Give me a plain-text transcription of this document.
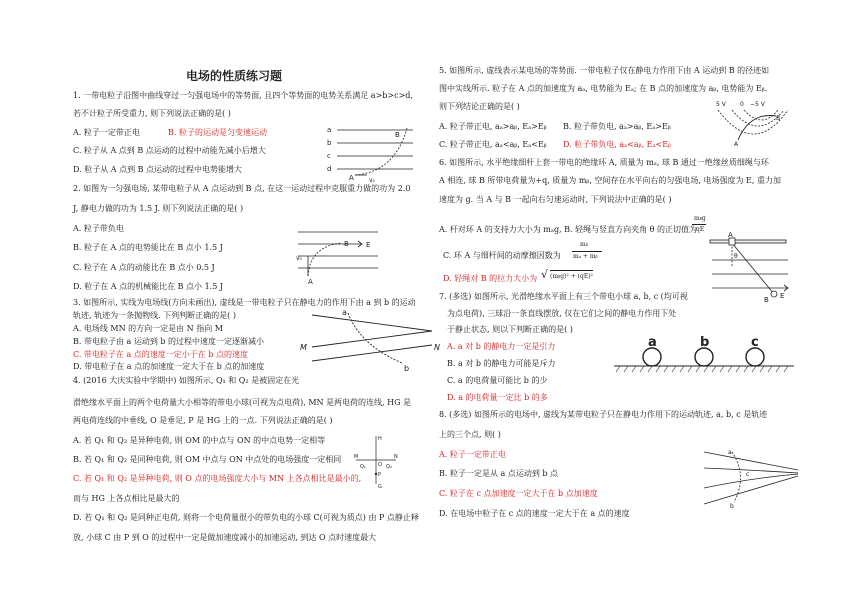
电场的性质练习题
1. 一带电粒子沿图中曲线穿过一匀强电场中的等势面, 且四个等势面的电势关系满足 a>b>c>d,
若不计粒子所受重力, 则下列说法正确的是( )
A. 粒子一定带正电	B. 粒子的运动是匀变速运动
C. 粒子从 A 点到 B 点运动的过程中动能先减小后增大
D. 粒子从 A 点到 B 点运动的过程中电势能增大
2. 如图为一匀强电场, 某带电粒子从 A 点运动到 B 点, 在这一运动过程中克服重力做的功为 2.0
J, 静电力做的功为 1.5 J. 则下列说法正确的是( )
A. 粒子带负电
B. 粒子在 A 点的电势能比在 B 点小 1.5 J
C. 粒子在 A 点的动能比在 B 点小 0.5 J
D. 粒子在 A 点的机械能比在 B 点小 1.5 J
3. 如图所示, 实线为电场线(方向未画出), 虚线是一带电粒子只在静电力的作用下由 a 到 b 的运动
轨迹, 轨迹为一条抛物线. 下列判断正确的是( )
A. 电场线 MN 的方向一定是由 N 指向 M
B. 带电粒子由 a 运动到 b 的过程中速度一定逐渐减小
C. 带电粒子在 a 点的速度一定小于在 b 点的速度
D. 带电粒子在 a 点的加速度一定大于在 b 点的加速度
4. (2016 大庆实验中学期中) 如图所示, Q₁ 和 Q₂ 是被固定在光
滑绝缘水平面上的两个电荷量大小相等的带电小球(可视为点电荷), MN 是两电荷的连线, HG 是
两电荷连线的中垂线, O 是垂足, P 是 HG 上的一点. 下列说法正确的是( )
A. 若 Q₁ 和 Q₂ 是异种电荷, 则 OM 的中点与 ON 的中点电势一定相等
B. 若 Q₁ 和 Q₂ 是同种电荷, 则 OM 中点与 ON 中点处的电场强度一定相同
C. 若 Q₁ 和 Q₂ 是异种电荷, 则 O 点的电场强度大小与 MN 上各点相比是最小的,
而与 HG 上各点相比是最大的
D. 若 Q₁ 和 Q₂ 是同种正电荷, 则将一个电荷量很小的带负电的小球 C(可视为质点) 由 P 点静止释
放, 小球 C 由 P 到 O 的过程中一定是做加速度减小的加速运动, 到达 O 点时速度最大
5. 如图所示, 虚线表示某电场的等势面. 一带电粒子仅在静电力作用下由 A 运动到 B 的径迹如
图中实线所示. 粒子在 A 点的加速度为 aₐ, 电势能为 Eₐ; 在 B 点的加速度为 aᵦ, 电势能为 Eᵦ.
则下列结论正确的是( )
A. 粒子带正电, aₐ>aᵦ, Eₐ>Eᵦ B. 粒子带负电, aₐ>aᵦ, Eₐ>Eᵦ
C. 粒子带正电, aₐ<aᵦ, Eₐ<Eᵦ D. 粒子带负电, aₐ<aᵦ, Eₐ<Eᵦ
6. 如图所示, 水平绝缘细杆上套一带电的绝缘环 A, 质量为 mₐ, 球 B 通过一绝缘丝质细绳与环
A 相连, 球 B 所带电荷量为+q, 质量为 mᵦ, 空间存在水平向右的匀强电场, 电场强度为 E, 重力加
速度为 g. 当 A 与 B 一起向右匀速运动时, 下列说法中正确的是( )
A. 杆对环 A 的支持力大小为 mₐg, B. 轻绳与竖直方向夹角 θ 的正切值为
mᵦg
qE
C. 环 A 与细杆间的动摩擦因数为
mᵦ
mₐ + mᵦ
D. 轻绳对 B 的拉力大小为 √ (mᵦg)² + (qE)²
7. (多选) 如图所示, 光滑绝缘水平面上有三个带电小球 a, b, c (均可视
为点电荷), 三球沿一条直线摆放, 仅在它们之间的静电力作用下处
于静止状态, 则以下判断正确的是( )
A. a 对 b 的静电力一定是引力
B. a 对 b 的静电力可能是斥力
C. a 的电荷量可能比 b 的少
D. a 的电荷量一定比 b 的多
8. (多选) 如图所示的电场中, 虚线为某带电粒子只在静电力作用下的运动轨迹, a, b, c 是轨迹
上的三个点, 则( )
A. 粒子一定带正电
B. 粒子一定是从 a 点运动到 b 点
C. 粒子在 c 点加速度一定大于在 b 点加速度
D. 在电场中粒子在 c 点的速度一定大于在 a 点的速度
a
b
c
d
A
B
v₀
B E
A
v₀
a
b
M	N
H
M	N
O
P
G
Q₁	Q₂
5 V 0 −5 V
B
A
A
θ
B E
a	b	c
a
c
b
